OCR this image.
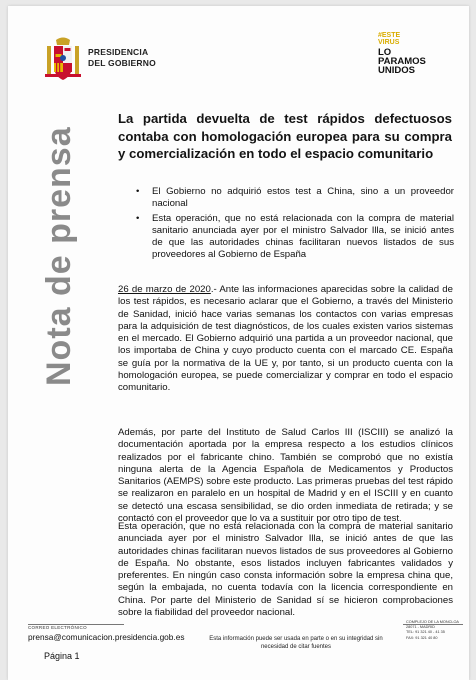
PRESIDENCIA
DEL GOBIERNO
#ESTE
VIRUS
LO PARAMOS
UNIDOS
Nota de prensa
La partida devuelta de test rápidos defectuosos contaba con homologación europea para su compra y comercialización en todo el espacio comunitario
• El Gobierno no adquirió estos test a China, sino a un proveedor nacional
• Esta operación, que no está relacionada con la compra de material sanitario anunciada ayer por el ministro Salvador Illa, se inició antes de que las autoridades chinas facilitaran nuevos listados de sus proveedores al Gobierno de España

26 de marzo de 2020.- Ante las informaciones aparecidas sobre la calidad de los test rápidos, es necesario aclarar que el Gobierno, a través del Ministerio de Sanidad, inició hace varias semanas los contactos con varias empresas para la adquisición de test diagnósticos, de los cuales existen varios sistemas en el mercado. El Gobierno adquirió una partida a un proveedor nacional, que los importaba de China y cuyo producto cuenta con el marcado CE. España se guía por la normativa de la UE y, por tanto, si un producto cuenta con la homologación europea, se puede comercializar y comprar en todo el espacio comunitario.

Además, por parte del Instituto de Salud Carlos III (ISCIII) se analizó la documentación aportada por la empresa respecto a los estudios clínicos realizados por el fabricante chino. También se comprobó que no existía ninguna alerta de la Agencia Española de Medicamentos y Productos Sanitarios (AEMPS) sobre este producto. Las primeras pruebas del test rápido se realizaron en paralelo en un hospital de Madrid y en el ISCIII y en cuanto se detectó una escasa sensibilidad, se dio orden inmediata de retirada; y se contactó con el proveedor que lo va a sustituir por otro tipo de test.

Esta operación, que no está relacionada con la compra de material sanitario anunciada ayer por el ministro Salvador Illa, se inició antes de que las autoridades chinas facilitaran nuevos listados de sus proveedores al Gobierno de España. No obstante, esos listados incluyen fabricantes validados y preferentes. En ningún caso consta información sobre la empresa china que, según la embajada, no cuenta todavía con la licencia correspondiente en China. Por parte del Ministerio de Sanidad sí se hicieron comprobaciones sobre la fiabilidad del proveedor nacional.

CORREO ELECTRÓNICO
prensa@comunicacion.presidencia.gob.es	Esta información puede ser usada en parte o en su integridad sin necesidad de citar fuentes
COMPLEJO DE LA MONCLOA
28071 - MADRID
TEL: 91 321 40 - 41 35
FAX: 91 321 40 80
Página 1
